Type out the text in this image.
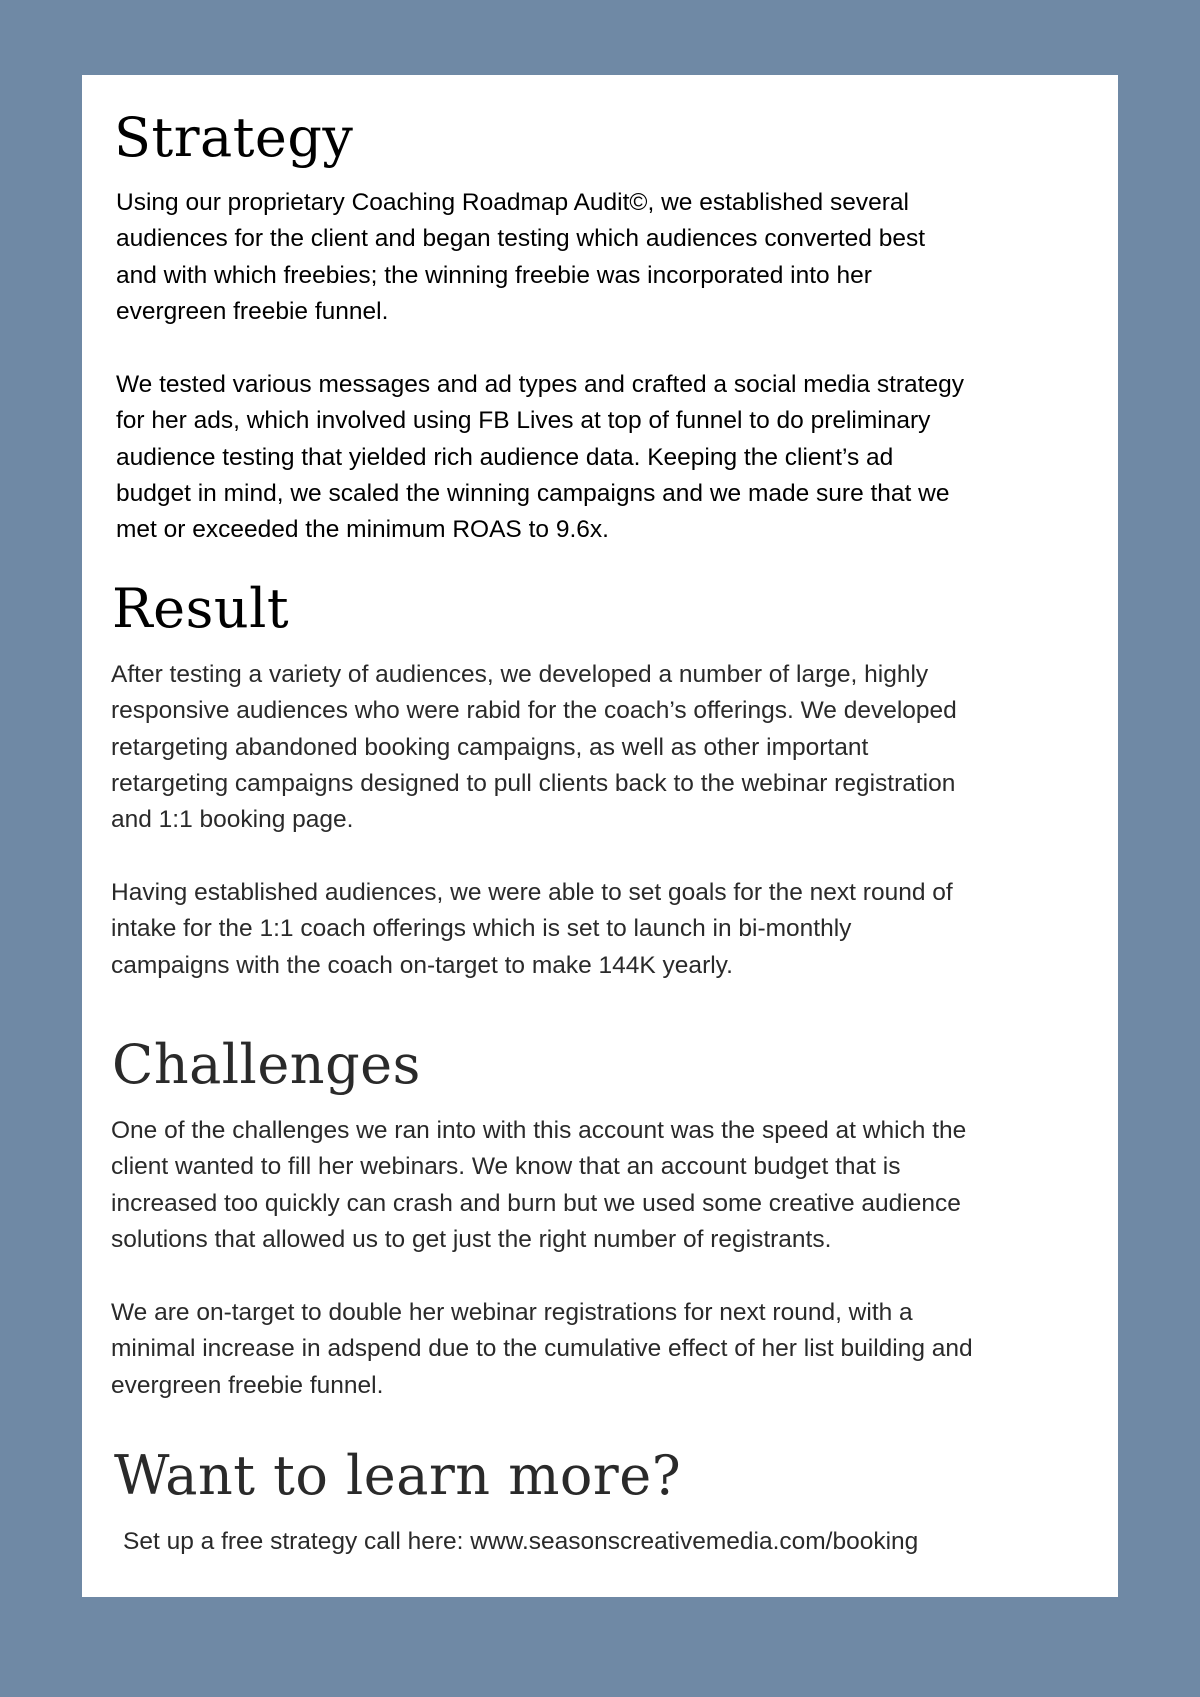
Strategy

Using our proprietary Coaching Roadmap Audit©, we established several
audiences for the client and began testing which audiences converted best
and with which freebies; the winning freebie was incorporated into her
evergreen freebie funnel.

We tested various messages and ad types and crafted a social media strategy
for her ads, which involved using FB Lives at top of funnel to do preliminary
audience testing that yielded rich audience data. Keeping the client’s ad
budget in mind, we scaled the winning campaigns and we made sure that we
met or exceeded the minimum ROAS to 9.6x.

Result

After testing a variety of audiences, we developed a number of large, highly
responsive audiences who were rabid for the coach’s offerings. We developed
retargeting abandoned booking campaigns, as well as other important
retargeting campaigns designed to pull clients back to the webinar registration
and 1:1 booking page.

Having established audiences, we were able to set goals for the next round of
intake for the 1:1 coach offerings which is set to launch in bi-monthly
campaigns with the coach on-target to make 144K yearly.

Challenges

One of the challenges we ran into with this account was the speed at which the
client wanted to fill her webinars. We know that an account budget that is
increased too quickly can crash and burn but we used some creative audience
solutions that allowed us to get just the right number of registrants.

We are on-target to double her webinar registrations for next round, with a
minimal increase in adspend due to the cumulative effect of her list building and
evergreen freebie funnel.

Want to learn more?

Set up a free strategy call here: www.seasonscreativemedia.com/booking
